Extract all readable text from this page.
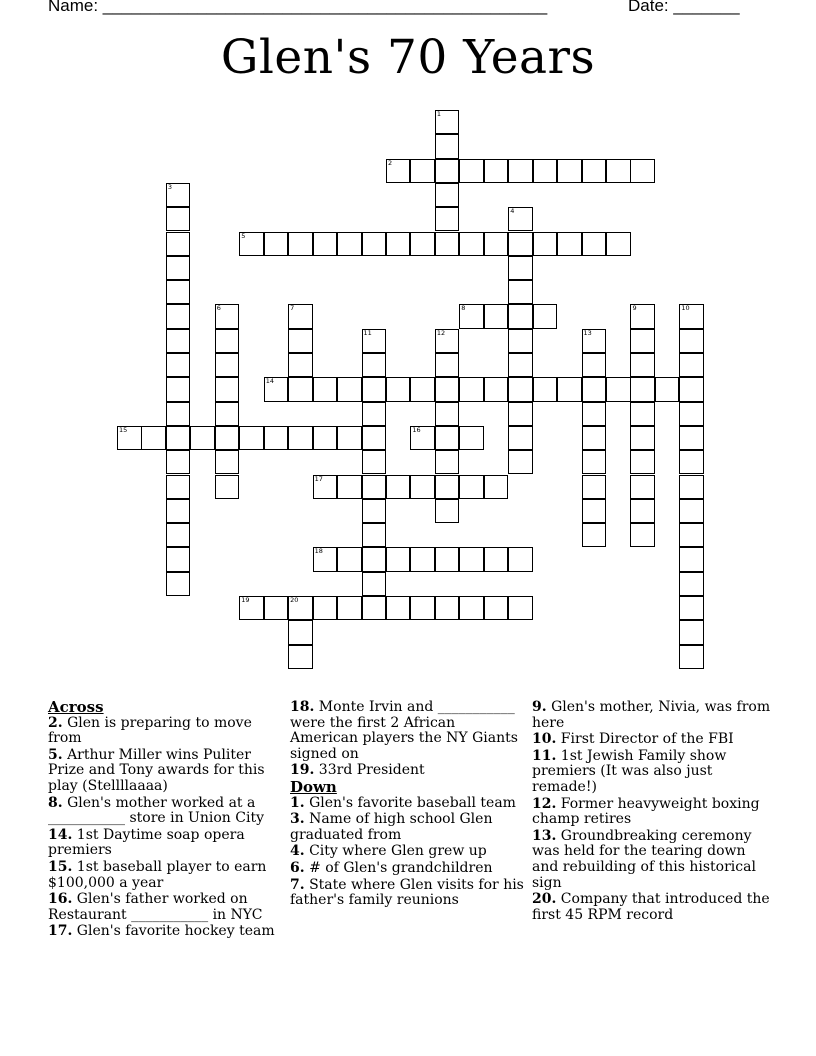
Name: _______________________________________________	Date: _______
Glen's 70 Years
1
2
3
4
5
6	7	8	9	10
11	12	13
14
15	16
17
18
19	20
Across
2. Glen is preparing to move from
5. Arthur Miller wins Puliter Prize and Tony awards for this play (Stellllaaaa)
8. Glen's mother worked at a ___________ store in Union City
14. 1st Daytime soap opera premiers
15. 1st baseball player to earn $100,000 a year
16. Glen's father worked on Restaurant ___________ in NYC
17. Glen's favorite hockey team
18. Monte Irvin and ___________ were the first 2 African American players the NY Giants signed on
19. 33rd President
Down
1. Glen's favorite baseball team
3. Name of high school Glen graduated from
4. City where Glen grew up
6. # of Glen's grandchildren
7. State where Glen visits for his father's family reunions
9. Glen's mother, Nivia, was from here
10. First Director of the FBI
11. 1st Jewish Family show premiers (It was also just remade!)
12. Former heavyweight boxing champ retires
13. Groundbreaking ceremony was held for the tearing down and rebuilding of this historical sign
20. Company that introduced the first 45 RPM record
